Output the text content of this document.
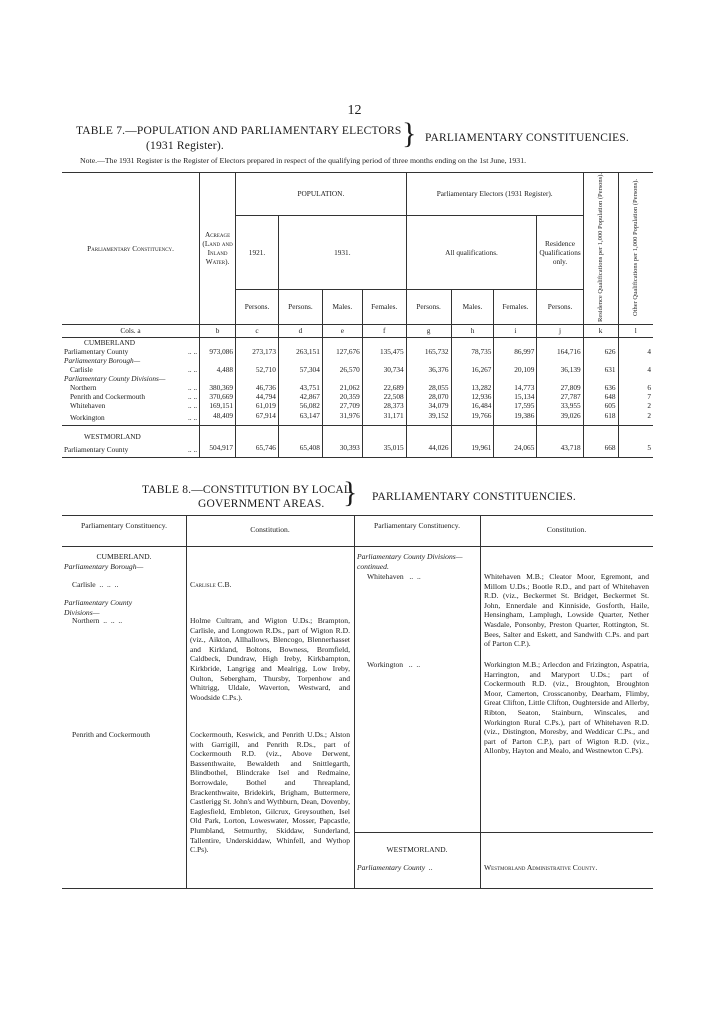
12
TABLE 7.—POPULATION AND PARLIAMENTARY ELECTORS
(1931 Register).	} PARLIAMENTARY CONSTITUENCIES.
Note.—The 1931 Register is the Register of Electors prepared in respect of the qualifying period of three months ending on the 1st June, 1931.
Parliamentary Constituency.	Acreage (Land and Inland Water).	POPULATION.				Parliamentary Electors (1931 Register).				Residence Qualifications per 1,000 Population (Persons).	Other Qualifications per 1,000 Population (Persons).
		1921.	1931.			All qualifications.			Residence Qualifications only.		
		Persons.	Persons.	Males.	Females.	Persons.	Males.	Females.	Persons.		
Cols. a	b	c	d	e	f	g	h	i	j	k	l
CUMBERLAND											
Parliamentary County .. ..	973,086	273,173	263,151	127,676	135,475	165,732	78,735	86,997	164,716	626	4
Parliamentary Borough—											
Carlisle .. ..	4,488	52,710	57,304	26,570	30,734	36,376	16,267	20,109	36,139	631	4
Parliamentary County Divisions—											
Northern .. ..	380,369	46,736	43,751	21,062	22,689	28,055	13,282	14,773	27,809	636	6
Penrith and Cockermouth .. ..	370,669	44,794	42,867	20,359	22,508	28,070	12,936	15,134	27,787	648	7
Whitehaven .. ..	169,151	61,019	56,082	27,709	28,373	34,079	16,484	17,595	33,955	605	2
Workington .. ..	48,409	67,914	63,147	31,976	31,171	39,152	19,766	19,386	39,026	618	2
WESTMORLAND											
Parliamentary County .. ..	504,917	65,746	65,408	30,393	35,015	44,026	19,961	24,065	43,718	668	5

TABLE 8.—CONSTITUTION BY LOCAL
GOVERNMENT AREAS. } PARLIAMENTARY CONSTITUENCIES.
Parliamentary Constituency.	Constitution.	Parliamentary Constituency.	Constitution.
CUMBERLAND.
Parliamentary Borough—
Carlisle  ..  ..  ..	Carlisle C.B.
Parliamentary County Divisions—
Northern  ..  ..  ..	Holme Cultram, and Wigton U.Ds.; Brampton, Carlisle, and Longtown R.Ds., part of Wigton R.D. (viz., Aikton, Allhallows, Blencogo, Blennerhasset and Kirkland, Boltons, Bowness, Bromfield, Caldbeck, Dundraw, High Ireby, Kirkbampton, Kirkbride, Langrigg and Mealrigg, Low Ireby, Oulton, Sebergham, Thursby, Torpenhow and Whitrigg, Uldale, Waverton, Westward, and Woodside C.Ps.).
Penrith and Cockermouth	Cockermouth, Keswick, and Penrith U.Ds.; Alston with Garrigill, and Penrith R.Ds., part of Cockermouth R.D. (viz., Above Derwent, Bassenthwaite, Bewaldeth and Snittlegarth, Blindbothel, Blindcrake Isel and Redmaine, Borrowdale, Bothel and Threapland, Brackenthwaite, Bridekirk, Brigham, Buttermere, Castlerigg St. John's and Wythburn, Dean, Dovenby, Eaglesfield, Embleton, Gilcrux, Greysouthen, Isel Old Park, Lorton, Loweswater, Mosser, Papcastle, Plumbland, Setmurthy, Skiddaw, Sunderland, Tallentire, Underskiddaw, Whinfell, and Wythop C.Ps).
Parliamentary County Divisions—continued.
Whitehaven   ..  ..	Whitehaven M.B.; Cleator Moor, Egremont, and Millom U.Ds.; Bootle R.D., and part of Whitehaven R.D. (viz., Beckermet St. Bridget, Beckermet St. John, Ennerdale and Kinniside, Gosforth, Haile, Hensingham, Lamplugh, Lowside Quarter, Nether Wasdale, Ponsonby, Preston Quarter, Rottington, St. Bees, Salter and Eskett, and Sandwith C.Ps. and part of Parton C.P.).
Workington   ..  ..	Workington M.B.; Arlecdon and Frizington, Aspatria, Harrington, and Maryport U.Ds.; part of Cockermouth R.D. (viz., Broughton, Broughton Moor, Camerton, Crosscanonby, Dearham, Flimby, Great Clifton, Little Clifton, Oughterside and Allerby, Ribton, Seaton, Stainburn, Winscales, and Workington Rural C.Ps.), part of Whitehaven R.D. (viz., Distington, Moresby, and Weddicar C.Ps., and part of Parton C.P.), part of Wigton R.D. (viz., Allonby, Hayton and Mealo, and Westnewton C.Ps).
WESTMORLAND.
Parliamentary County  ..	Westmorland Administrative County.
